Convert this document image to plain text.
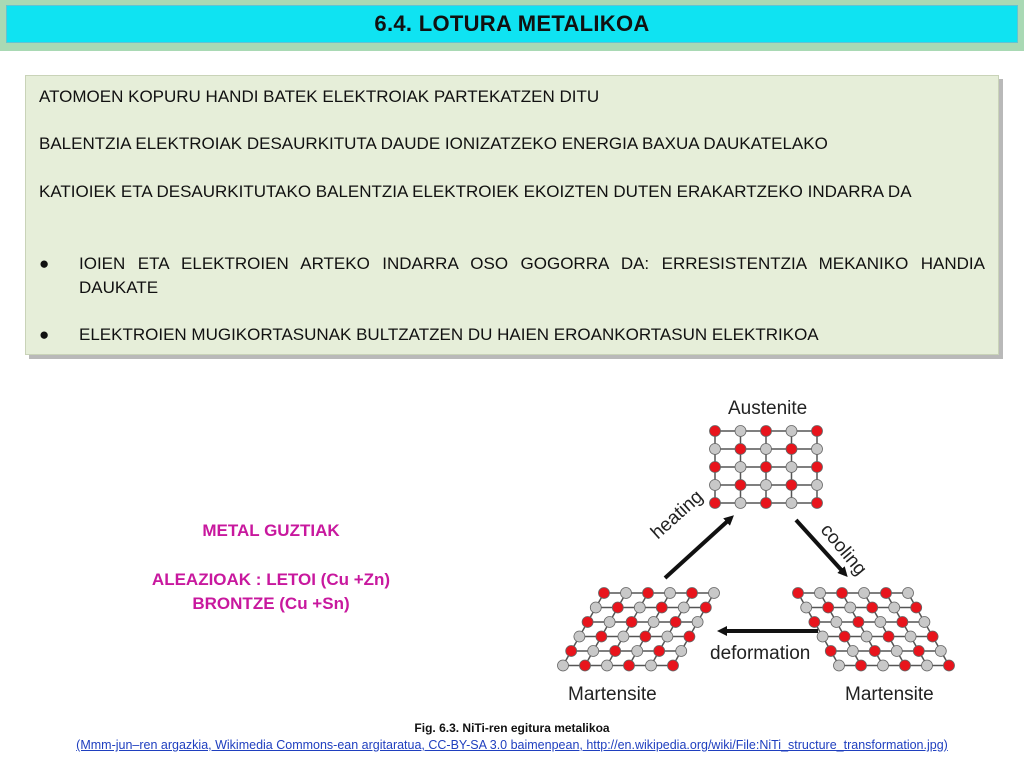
6.4. LOTURA METALIKOA
ATOMOEN KOPURU HANDI BATEK ELEKTROIAK PARTEKATZEN DITU
BALENTZIA ELEKTROIAK DESAURKITUTA DAUDE IONIZATZEKO ENERGIA BAXUA DAUKATELAKO
KATIOIEK ETA DESAURKITUTAKO BALENTZIA ELEKTROIEK EKOIZTEN DUTEN ERAKARTZEKO INDARRA DA
● IOIEN ETA ELEKTROIEN ARTEKO INDARRA OSO GOGORRA DA: ERRESISTENTZIA MEKANIKO HANDIA DAUKATE
● ELEKTROIEN MUGIKORTASUNAK BULTZATZEN DU HAIEN EROANKORTASUN ELEKTRIKOA
METAL GUZTIAK
ALEAZIOAK : LETOI (Cu +Zn)
BRONTZE (Cu +Sn)
Austenite
Martensite	Martensite
deformation
heating
cooling
Fig. 6.3. NiTi-ren egitura metalikoa
(Mmm-jun–ren argazkia, Wikimedia Commons-ean argitaratua, CC-BY-SA 3.0 baimenpean, http://en.wikipedia.org/wiki/File:NiTi_structure_transformation.jpg)
